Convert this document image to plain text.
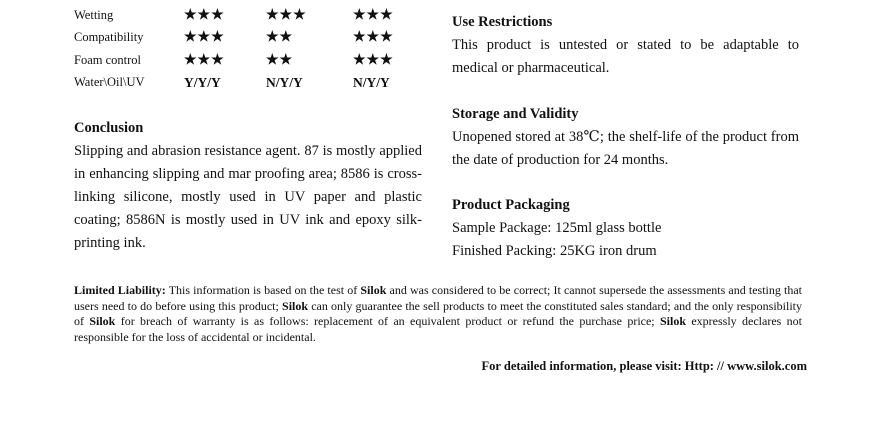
Wetting	★★★	★★★	★★★
Compatibility	★★★	★★	★★★
Foam control	★★★	★★	★★★
Water\Oil\UV	Y/Y/Y	N/Y/Y	N/Y/Y
Conclusion

Slipping and abrasion resistance agent. 87 is mostly applied in enhancing slipping and mar proofing area; 8586 is cross-linking silicone, mostly used in UV paper and plastic coating; 8586N is mostly used in UV ink and epoxy silk-printing ink.

Use Restrictions

This product is untested or stated to be adaptable to medical or pharmaceutical.

Storage and Validity

Unopened stored at 38℃; the shelf-life of the product from the date of production for 24 months.

Product Packaging
Sample Package: 125ml glass bottle
Finished Packing: 25KG iron drum
Limited Liability: This information is based on the test of Silok and was considered to be correct; It cannot supersede the assessments and testing that users need to do before using this product; Silok can only guarantee the sell products to meet the constituted sales standard; and the only responsibility of Silok for breach of warranty is as follows: replacement of an equivalent product or refund the purchase price; Silok expressly declares not responsible for the loss of accidental or incidental.
For detailed information, please visit: Http: // www.silok.com
